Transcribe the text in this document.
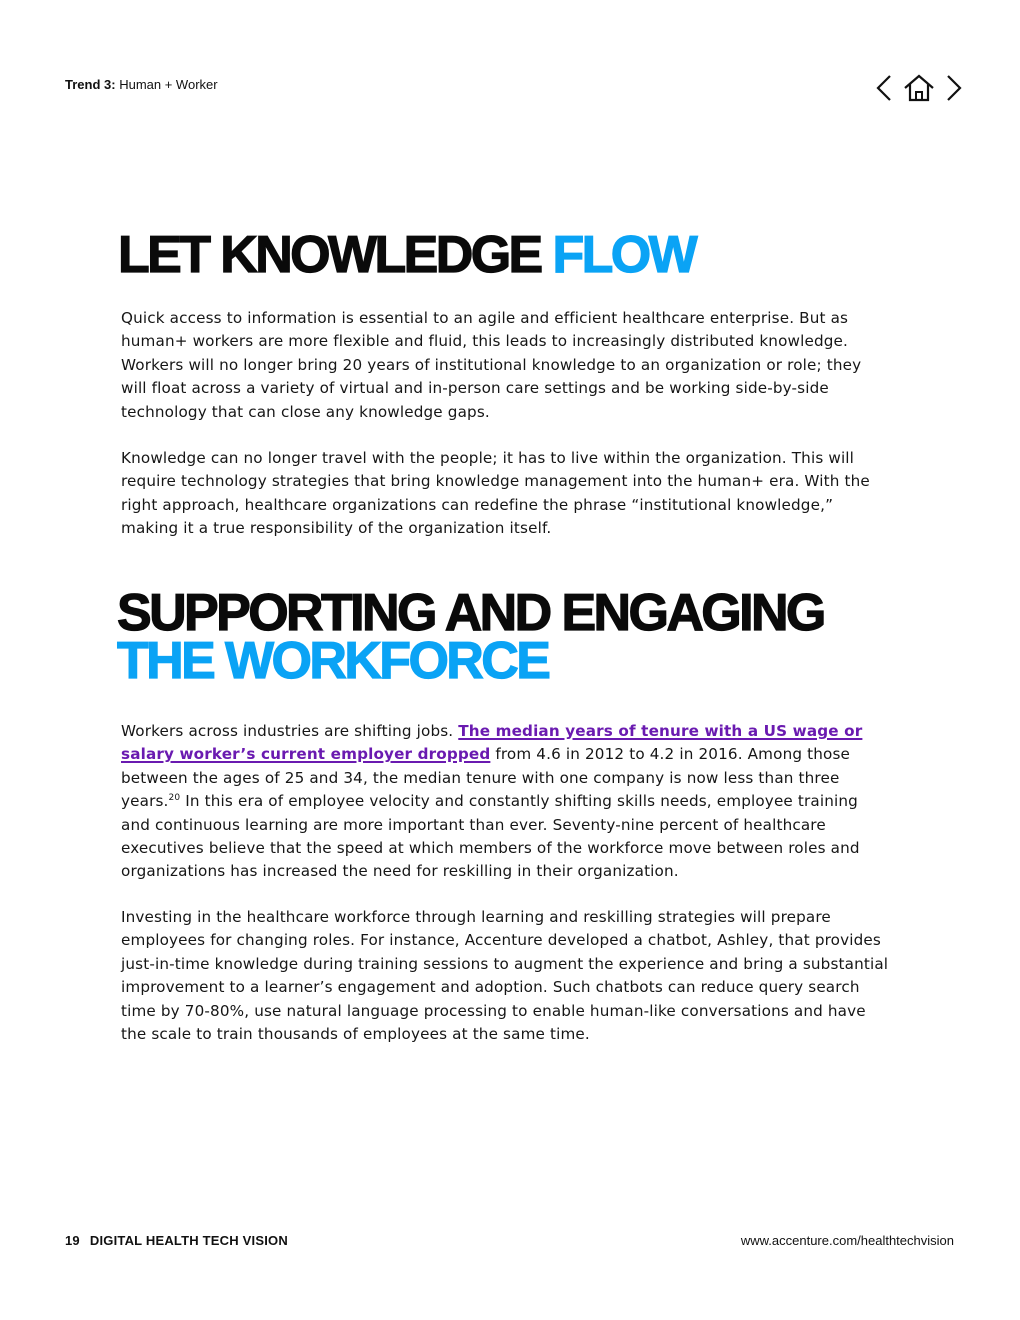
Trend 3: Human + Worker
LET KNOWLEDGE FLOW

Quick access to information is essential to an agile and efficient healthcare enterprise. But as human+ workers are more flexible and fluid, this leads to increasingly distributed knowledge. Workers will no longer bring 20 years of institutional knowledge to an organization or role; they will float across a variety of virtual and in-person care settings and be working side-by-side technology that can close any knowledge gaps.

Knowledge can no longer travel with the people; it has to live within the organization. This will require technology strategies that bring knowledge management into the human+ era. With the right approach, healthcare organizations can redefine the phrase “institutional knowledge,” making it a true responsibility of the organization itself.

SUPPORTING AND ENGAGING
THE WORKFORCE

Workers across industries are shifting jobs. The median years of tenure with a US wage or salary worker’s current employer dropped from 4.6 in 2012 to 4.2 in 2016. Among those between the ages of 25 and 34, the median tenure with one company is now less than three years.$^{20}$ In this era of employee velocity and constantly shifting skills needs, employee training and continuous learning are more important than ever. Seventy-nine percent of healthcare executives believe that the speed at which members of the workforce move between roles and organizations has increased the need for reskilling in their organization.

Investing in the healthcare workforce through learning and reskilling strategies will prepare employees for changing roles. For instance, Accenture developed a chatbot, Ashley, that provides just-in-time knowledge during training sessions to augment the experience and bring a substantial improvement to a learner’s engagement and adoption. Such chatbots can reduce query search time by 70-80%, use natural language processing to enable human-like conversations and have the scale to train thousands of employees at the same time.

19 DIGITAL HEALTH TECH VISION	www.accenture.com/healthtechvision
